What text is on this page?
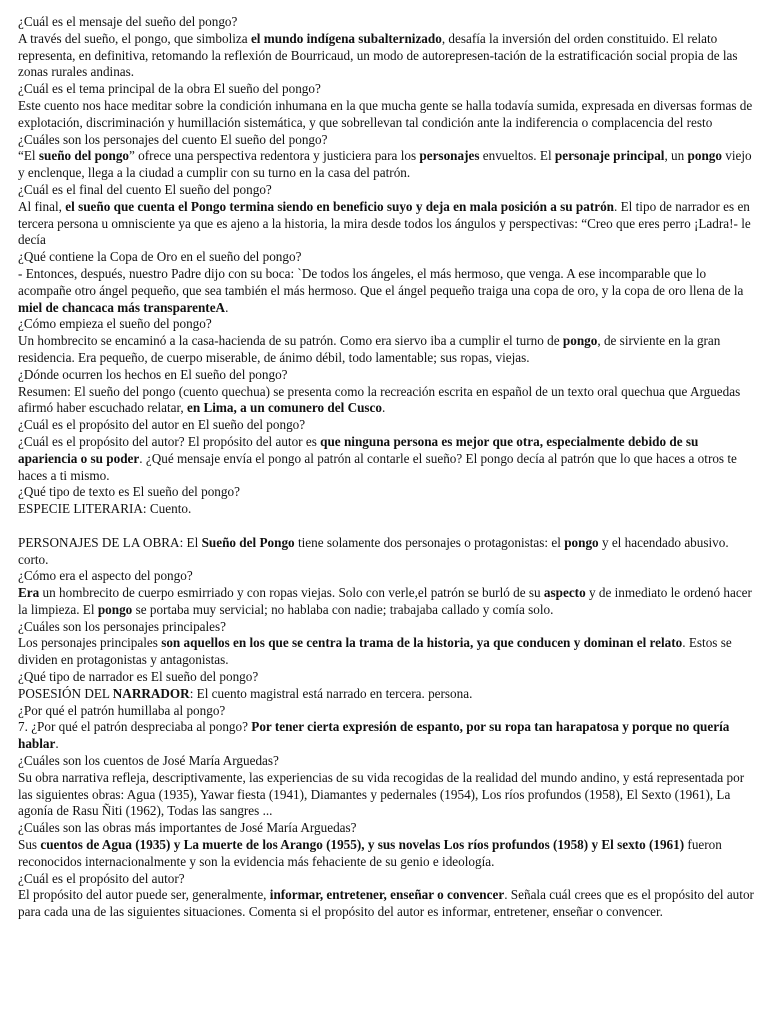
¿Cuál es el mensaje del sueño del pongo?

A través del sueño, el pongo, que simboliza el mundo indígena subalternizado, desafía la inversión del orden constituido. El relato representa, en definitiva, retomando la reflexión de Bourricaud, un modo de autorepresen-tación de la estratificación social propia de las zonas rurales andinas.

¿Cuál es el tema principal de la obra El sueño del pongo?

Este cuento nos hace meditar sobre la condición inhumana en la que mucha gente se halla todavía sumida, expresada en diversas formas de explotación, discriminación y humillación sistemática, y que sobrellevan tal condición ante la indiferencia o complacencia del resto

¿Cuáles son los personajes del cuento El sueño del pongo?

“El sueño del pongo” ofrece una perspectiva redentora y justiciera para los personajes envueltos. El personaje principal, un pongo viejo y enclenque, llega a la ciudad a cumplir con su turno en la casa del patrón.

¿Cuál es el final del cuento El sueño del pongo?

Al final, el sueño que cuenta el Pongo termina siendo en beneficio suyo y deja en mala posición a su patrón. El tipo de narrador es en tercera persona u omnisciente ya que es ajeno a la historia, la mira desde todos los ángulos y perspectivas: “Creo que eres perro ¡Ladra!- le decía

¿Qué contiene la Copa de Oro en el sueño del pongo?

- Entonces, después, nuestro Padre dijo con su boca: `De todos los ángeles, el más hermoso, que venga. A ese incomparable que lo acompañe otro ángel pequeño, que sea también el más hermoso. Que el ángel pequeño traiga una copa de oro, y la copa de oro llena de la miel de chancaca más transparenteA.

¿Cómo empieza el sueño del pongo?

Un hombrecito se encaminó a la casa-hacienda de su patrón. Como era siervo iba a cumplir el turno de pongo, de sirviente en la gran residencia. Era pequeño, de cuerpo miserable, de ánimo débil, todo lamentable; sus ropas, viejas.

¿Dónde ocurren los hechos en El sueño del pongo?

Resumen: El sueño del pongo (cuento quechua) se presenta como la recreación escrita en español de un texto oral quechua que Arguedas afirmó haber escuchado relatar, en Lima, a un comunero del Cusco.

¿Cuál es el propósito del autor en El sueño del pongo?

¿Cuál es el propósito del autor? El propósito del autor es que ninguna persona es mejor que otra, especialmente debido de su apariencia o su poder. ¿Qué mensaje envía el pongo al patrón al contarle el sueño? El pongo decía al patrón que lo que haces a otros te haces a ti mismo.

¿Qué tipo de texto es El sueño del pongo?

ESPECIE LITERARIA: Cuento.

PERSONAJES DE LA OBRA: El Sueño del Pongo tiene solamente dos personajes o protagonistas: el pongo y el hacendado abusivo. corto.

¿Cómo era el aspecto del pongo?

Era un hombrecito de cuerpo esmirriado y con ropas viejas. Solo con verle,el patrón se burló de su aspecto y de inmediato le ordenó hacer la limpieza. El pongo se portaba muy servicial; no hablaba con nadie; trabajaba callado y comía solo.

¿Cuáles son los personajes principales?

Los personajes principales son aquellos en los que se centra la trama de la historia, ya que conducen y dominan el relato. Estos se dividen en protagonistas y antagonistas.

¿Qué tipo de narrador es El sueño del pongo?

POSESIÓN DEL NARRADOR: El cuento magistral está narrado en tercera. persona.

¿Por qué el patrón humillaba al pongo?

7. ¿Por qué el patrón despreciaba al pongo? Por tener cierta expresión de espanto, por su ropa tan harapatosa y porque no quería hablar.

¿Cuáles son los cuentos de José María Arguedas?

Su obra narrativa refleja, descriptivamente, las experiencias de su vida recogidas de la realidad del mundo andino, y está representada por las siguientes obras: Agua (1935), Yawar fiesta (1941), Diamantes y pedernales (1954), Los ríos profundos (1958), El Sexto (1961), La agonía de Rasu Ñiti (1962), Todas las sangres ...

¿Cuáles son las obras más importantes de José María Arguedas?

Sus cuentos de Agua (1935) y La muerte de los Arango (1955), y sus novelas Los ríos profundos (1958) y El sexto (1961) fueron reconocidos internacionalmente y son la evidencia más fehaciente de su genio e ideología.

¿Cuál es el propósito del autor?

El propósito del autor puede ser, generalmente, informar, entretener, enseñar o convencer. Señala cuál crees que es el propósito del autor para cada una de las siguientes situaciones. Comenta si el propósito del autor es informar, entretener, enseñar o convencer.
